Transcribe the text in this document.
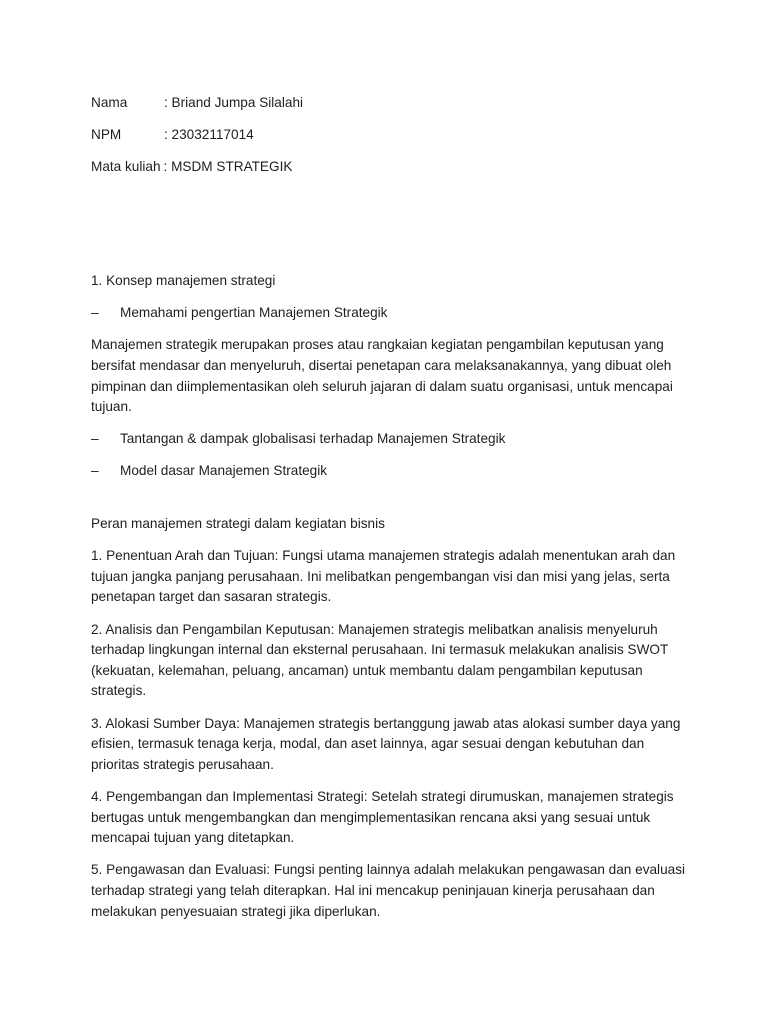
Nama	: Briand Jumpa Silalahi
NPM	: 23032117014
Mata kuliah : MSDM STRATEGIK

1. Konsep manajemen strategi

–	Memahami pengertian Manajemen Strategik

Manajemen strategik merupakan proses atau rangkaian kegiatan pengambilan keputusan yang bersifat mendasar dan menyeluruh, disertai penetapan cara melaksanakannya, yang dibuat oleh pimpinan dan diimplementasikan oleh seluruh jajaran di dalam suatu organisasi, untuk mencapai tujuan.

–	Tantangan & dampak globalisasi terhadap Manajemen Strategik
–	Model dasar Manajemen Strategik

Peran manajemen strategi dalam kegiatan bisnis

1. Penentuan Arah dan Tujuan: Fungsi utama manajemen strategis adalah menentukan arah dan tujuan jangka panjang perusahaan. Ini melibatkan pengembangan visi dan misi yang jelas, serta penetapan target dan sasaran strategis.

2. Analisis dan Pengambilan Keputusan: Manajemen strategis melibatkan analisis menyeluruh terhadap lingkungan internal dan eksternal perusahaan. Ini termasuk melakukan analisis SWOT (kekuatan, kelemahan, peluang, ancaman) untuk membantu dalam pengambilan keputusan strategis.

3. Alokasi Sumber Daya: Manajemen strategis bertanggung jawab atas alokasi sumber daya yang efisien, termasuk tenaga kerja, modal, dan aset lainnya, agar sesuai dengan kebutuhan dan prioritas strategis perusahaan.

4. Pengembangan dan Implementasi Strategi: Setelah strategi dirumuskan, manajemen strategis bertugas untuk mengembangkan dan mengimplementasikan rencana aksi yang sesuai untuk mencapai tujuan yang ditetapkan.

5. Pengawasan dan Evaluasi: Fungsi penting lainnya adalah melakukan pengawasan dan evaluasi terhadap strategi yang telah diterapkan. Hal ini mencakup peninjauan kinerja perusahaan dan melakukan penyesuaian strategi jika diperlukan.
